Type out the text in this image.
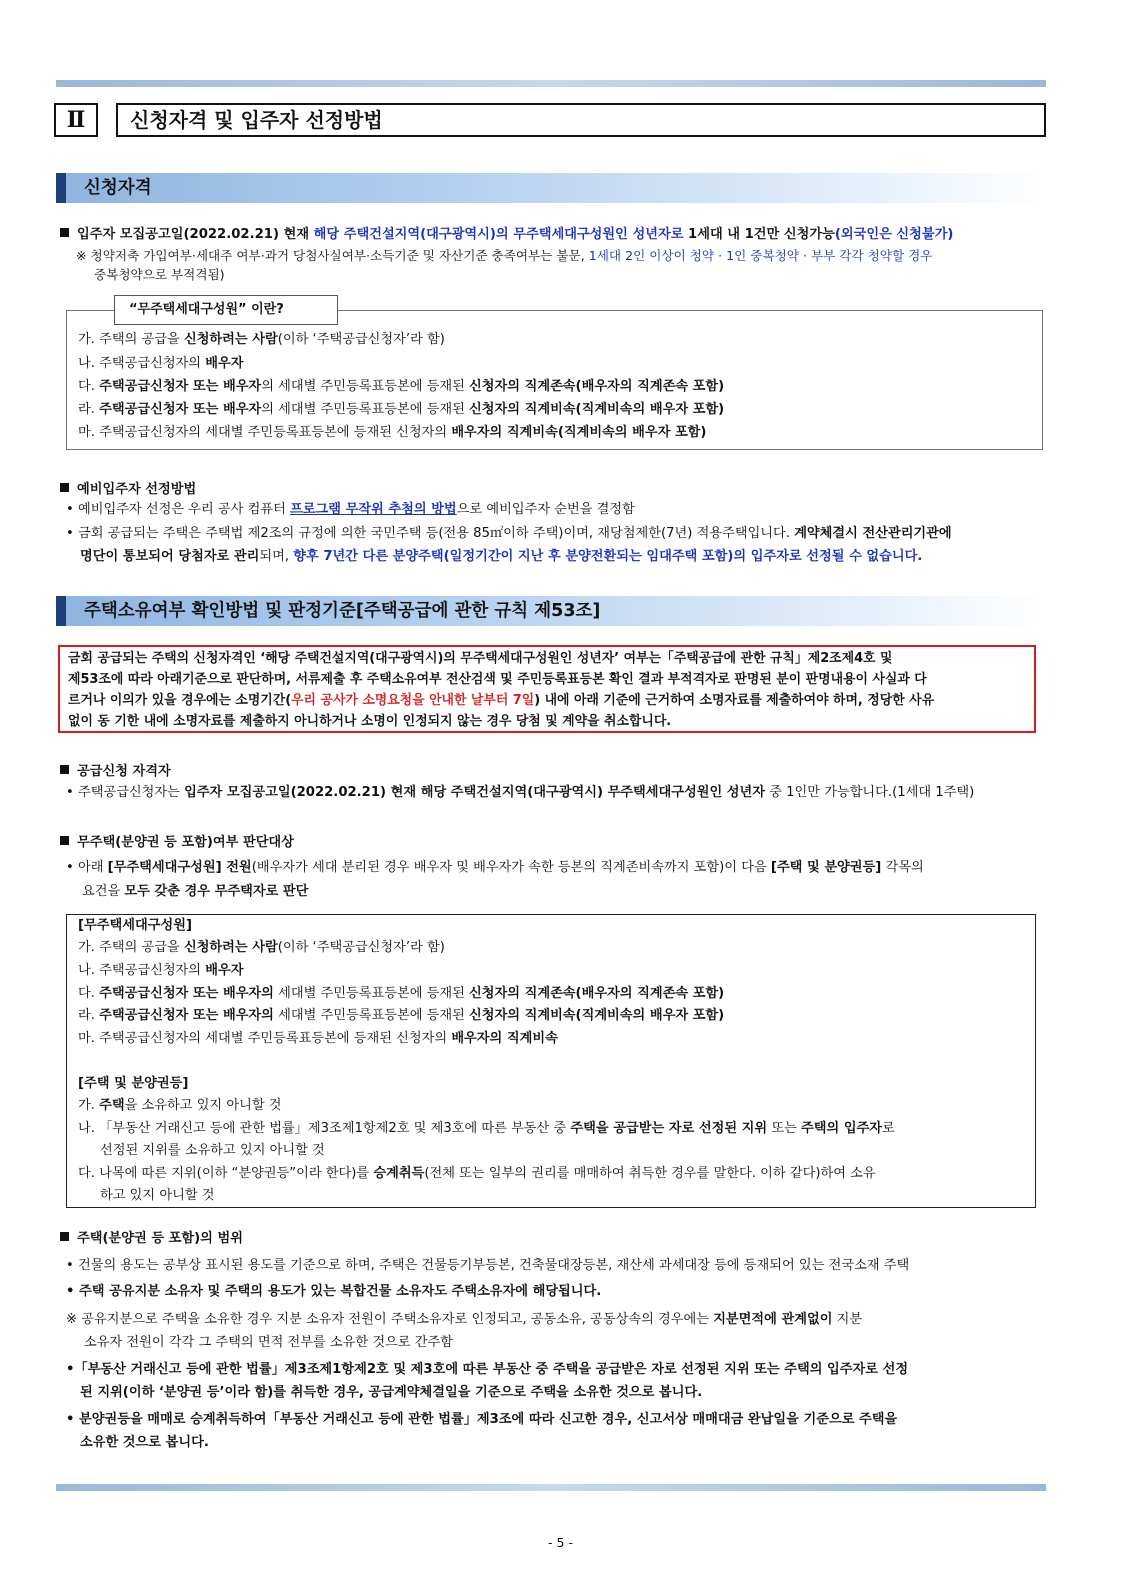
Ⅱ	신청자격 및 입주자 선정방법
신청자격
입주자 모집공고일(2022.02.21) 현재 해당 주택건설지역(대구광역시)의 무주택세대구성원인 성년자로 1세대 내 1건만 신청가능(외국인은 신청불가)
※ 청약저축 가입여부·세대주 여부·과거 당첨사실여부·소득기준 및 자산기준 충족여부는 불문, 1세대 2인 이상이 청약 · 1인 중복청약 · 부부 각각 청약할 경우
중복청약으로 부적격됨)
“무주택세대구성원” 이란?
가. 주택의 공급을 신청하려는 사람(이하 ‘주택공급신청자’라 함)
나. 주택공급신청자의 배우자
다. 주택공급신청자 또는 배우자의 세대별 주민등록표등본에 등재된 신청자의 직계존속(배우자의 직계존속 포함)
라. 주택공급신청자 또는 배우자의 세대별 주민등록표등본에 등재된 신청자의 직계비속(직계비속의 배우자 포함)
마. 주택공급신청자의 세대별 주민등록표등본에 등재된 신청자의 배우자의 직계비속(직계비속의 배우자 포함)
예비입주자 선정방법
• 예비입주자 선정은 우리 공사 컴퓨터 프로그램 무작위 추첨의 방법으로 예비입주자 순번을 결정함
• 금회 공급되는 주택은 주택법 제2조의 규정에 의한 국민주택 등(전용 85㎡이하 주택)이며, 재당첨제한(7년) 적용주택입니다. 계약체결시 전산관리기관에
명단이 통보되어 당첨자로 관리되며, 향후 7년간 다른 분양주택(일정기간이 지난 후 분양전환되는 임대주택 포함)의 입주자로 선정될 수 없습니다.
주택소유여부 확인방법 및 판정기준[주택공급에 관한 규칙 제53조]
금회 공급되는 주택의 신청자격인 ‘해당 주택건설지역(대구광역시)의 무주택세대구성원인 성년자’ 여부는「주택공급에 관한 규칙」제2조제4호 및
제53조에 따라 아래기준으로 판단하며, 서류제출 후 주택소유여부 전산검색 및 주민등록표등본 확인 결과 부적격자로 판명된 분이 판명내용이 사실과 다
르거나 이의가 있을 경우에는 소명기간(우리 공사가 소명요청을 안내한 날부터 7일) 내에 아래 기준에 근거하여 소명자료를 제출하여야 하며, 정당한 사유
없이 동 기한 내에 소명자료를 제출하지 아니하거나 소명이 인정되지 않는 경우 당첨 및 계약을 취소합니다.
공급신청 자격자
• 주택공급신청자는 입주자 모집공고일(2022.02.21) 현재 해당 주택건설지역(대구광역시) 무주택세대구성원인 성년자 중 1인만 가능합니다.(1세대 1주택)
무주택(분양권 등 포함)여부 판단대상
• 아래 [무주택세대구성원] 전원(배우자가 세대 분리된 경우 배우자 및 배우자가 속한 등본의 직계존비속까지 포함)이 다음 [주택 및 분양권등] 각목의
요건을 모두 갖춘 경우 무주택자로 판단
[무주택세대구성원]
가. 주택의 공급을 신청하려는 사람(이하 ‘주택공급신청자’라 함)
나. 주택공급신청자의 배우자
다. 주택공급신청자 또는 배우자의 세대별 주민등록표등본에 등재된 신청자의 직계존속(배우자의 직계존속 포함)
라. 주택공급신청자 또는 배우자의 세대별 주민등록표등본에 등재된 신청자의 직계비속(직계비속의 배우자 포함)
마. 주택공급신청자의 세대별 주민등록표등본에 등재된 신청자의 배우자의 직계비속
[주택 및 분양권등]
가. 주택을 소유하고 있지 아니할 것
나. 「부동산 거래신고 등에 관한 법률」제3조제1항제2호 및 제3호에 따른 부동산 중 주택을 공급받는 자로 선정된 지위 또는 주택의 입주자로
선정된 지위를 소유하고 있지 아니할 것
다. 나목에 따른 지위(이하 “분양권등”이라 한다)를 승계취득(전체 또는 일부의 권리를 매매하여 취득한 경우를 말한다. 이하 같다)하여 소유
하고 있지 아니할 것
주택(분양권 등 포함)의 범위
• 건물의 용도는 공부상 표시된 용도를 기준으로 하며, 주택은 건물등기부등본, 건축물대장등본, 재산세 과세대장 등에 등재되어 있는 전국소재 주택
• 주택 공유지분 소유자 및 주택의 용도가 있는 복합건물 소유자도 주택소유자에 해당됩니다.
※ 공유지분으로 주택을 소유한 경우 지분 소유자 전원이 주택소유자로 인정되고, 공동소유, 공동상속의 경우에는 지분면적에 관계없이 지분
소유자 전원이 각각 그 주택의 면적 전부를 소유한 것으로 간주함
•「부동산 거래신고 등에 관한 법률」제3조제1항제2호 및 제3호에 따른 부동산 중 주택을 공급받은 자로 선정된 지위 또는 주택의 입주자로 선정
된 지위(이하 ‘분양권 등’이라 함)를 취득한 경우, 공급계약체결일을 기준으로 주택을 소유한 것으로 봅니다.
• 분양권등을 매매로 승계취득하여「부동산 거래신고 등에 관한 법률」제3조에 따라 신고한 경우, 신고서상 매매대금 완납일을 기준으로 주택을
소유한 것으로 봅니다.
- 5 -
